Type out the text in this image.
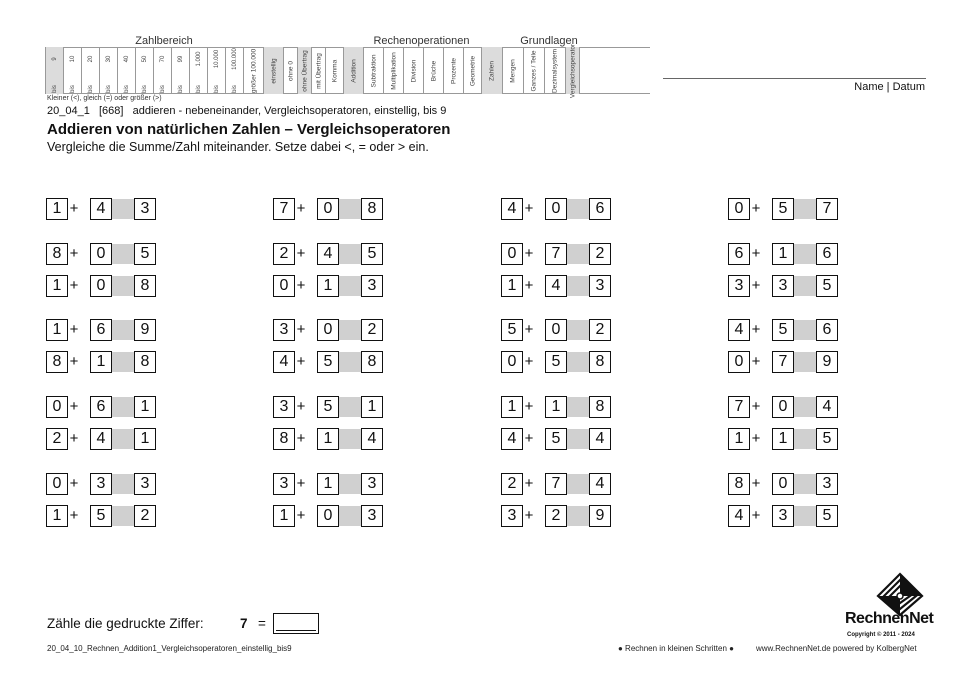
Zahlbereich	Rechenoperationen	Grundlagen
9
bis
10
bis
20
bis
30
bis
40
bis
50
bis
70
bis
99
bis
1.000
bis
10.000
bis
100.000
bis größer 100.000 einstellig ohne 0 ohne Übertrag mit Übertrag Komma Addition Subtraktion Multiplikation Division Brüche Prozente Geometrie Zahlen Mengen Ganzes / Teile Dezimalsystem Vergleichsoperator	Name | Datum
Kleiner (<), gleich (=) oder größer (>)
20_04_1   [668]   addieren - nebeneinander, Vergleichsoperatoren, einstellig, bis 9
Addieren von natürlichen Zahlen – Vergleichsoperatoren
Vergleiche die Summe/Zahl miteinander. Setze dabei <, = oder > ein.
1 +	4	3	7 +	0	8	4 +	0	6	0 +	5	7
8 +	0	5	2 +	4	5	0 +	7	2	6 +	1	6
1 +	0	8	0 +	1	3	1 +	4	3	3 +	3	5
1 +	6	9	3 +	0	2	5 +	0	2	4 +	5	6
8 +	1	8	4 +	5	8	0 +	5	8	0 +	7	9
0 +	6	1	3 +	5	1	1 +	1	8	7 +	0	4
2 +	4	1	8 +	1	4	4 +	5	4	1 +	1	5
0 +	3	3	3 +	1	3	2 +	7	4	8 +	0	3
1 +	5	2	1 +	0	3	3 +	2	9	4 +	3	5
Zähle die gedruckte Ziffer:	7 =	RechnenNet
Copyright © 2011 - 2024
20_04_10_Rechnen_Addition1_Vergleichsoperatoren_einstellig_bis9	● Rechnen in kleinen Schritten ●	www.RechnenNet.de powered by KolbergNet
